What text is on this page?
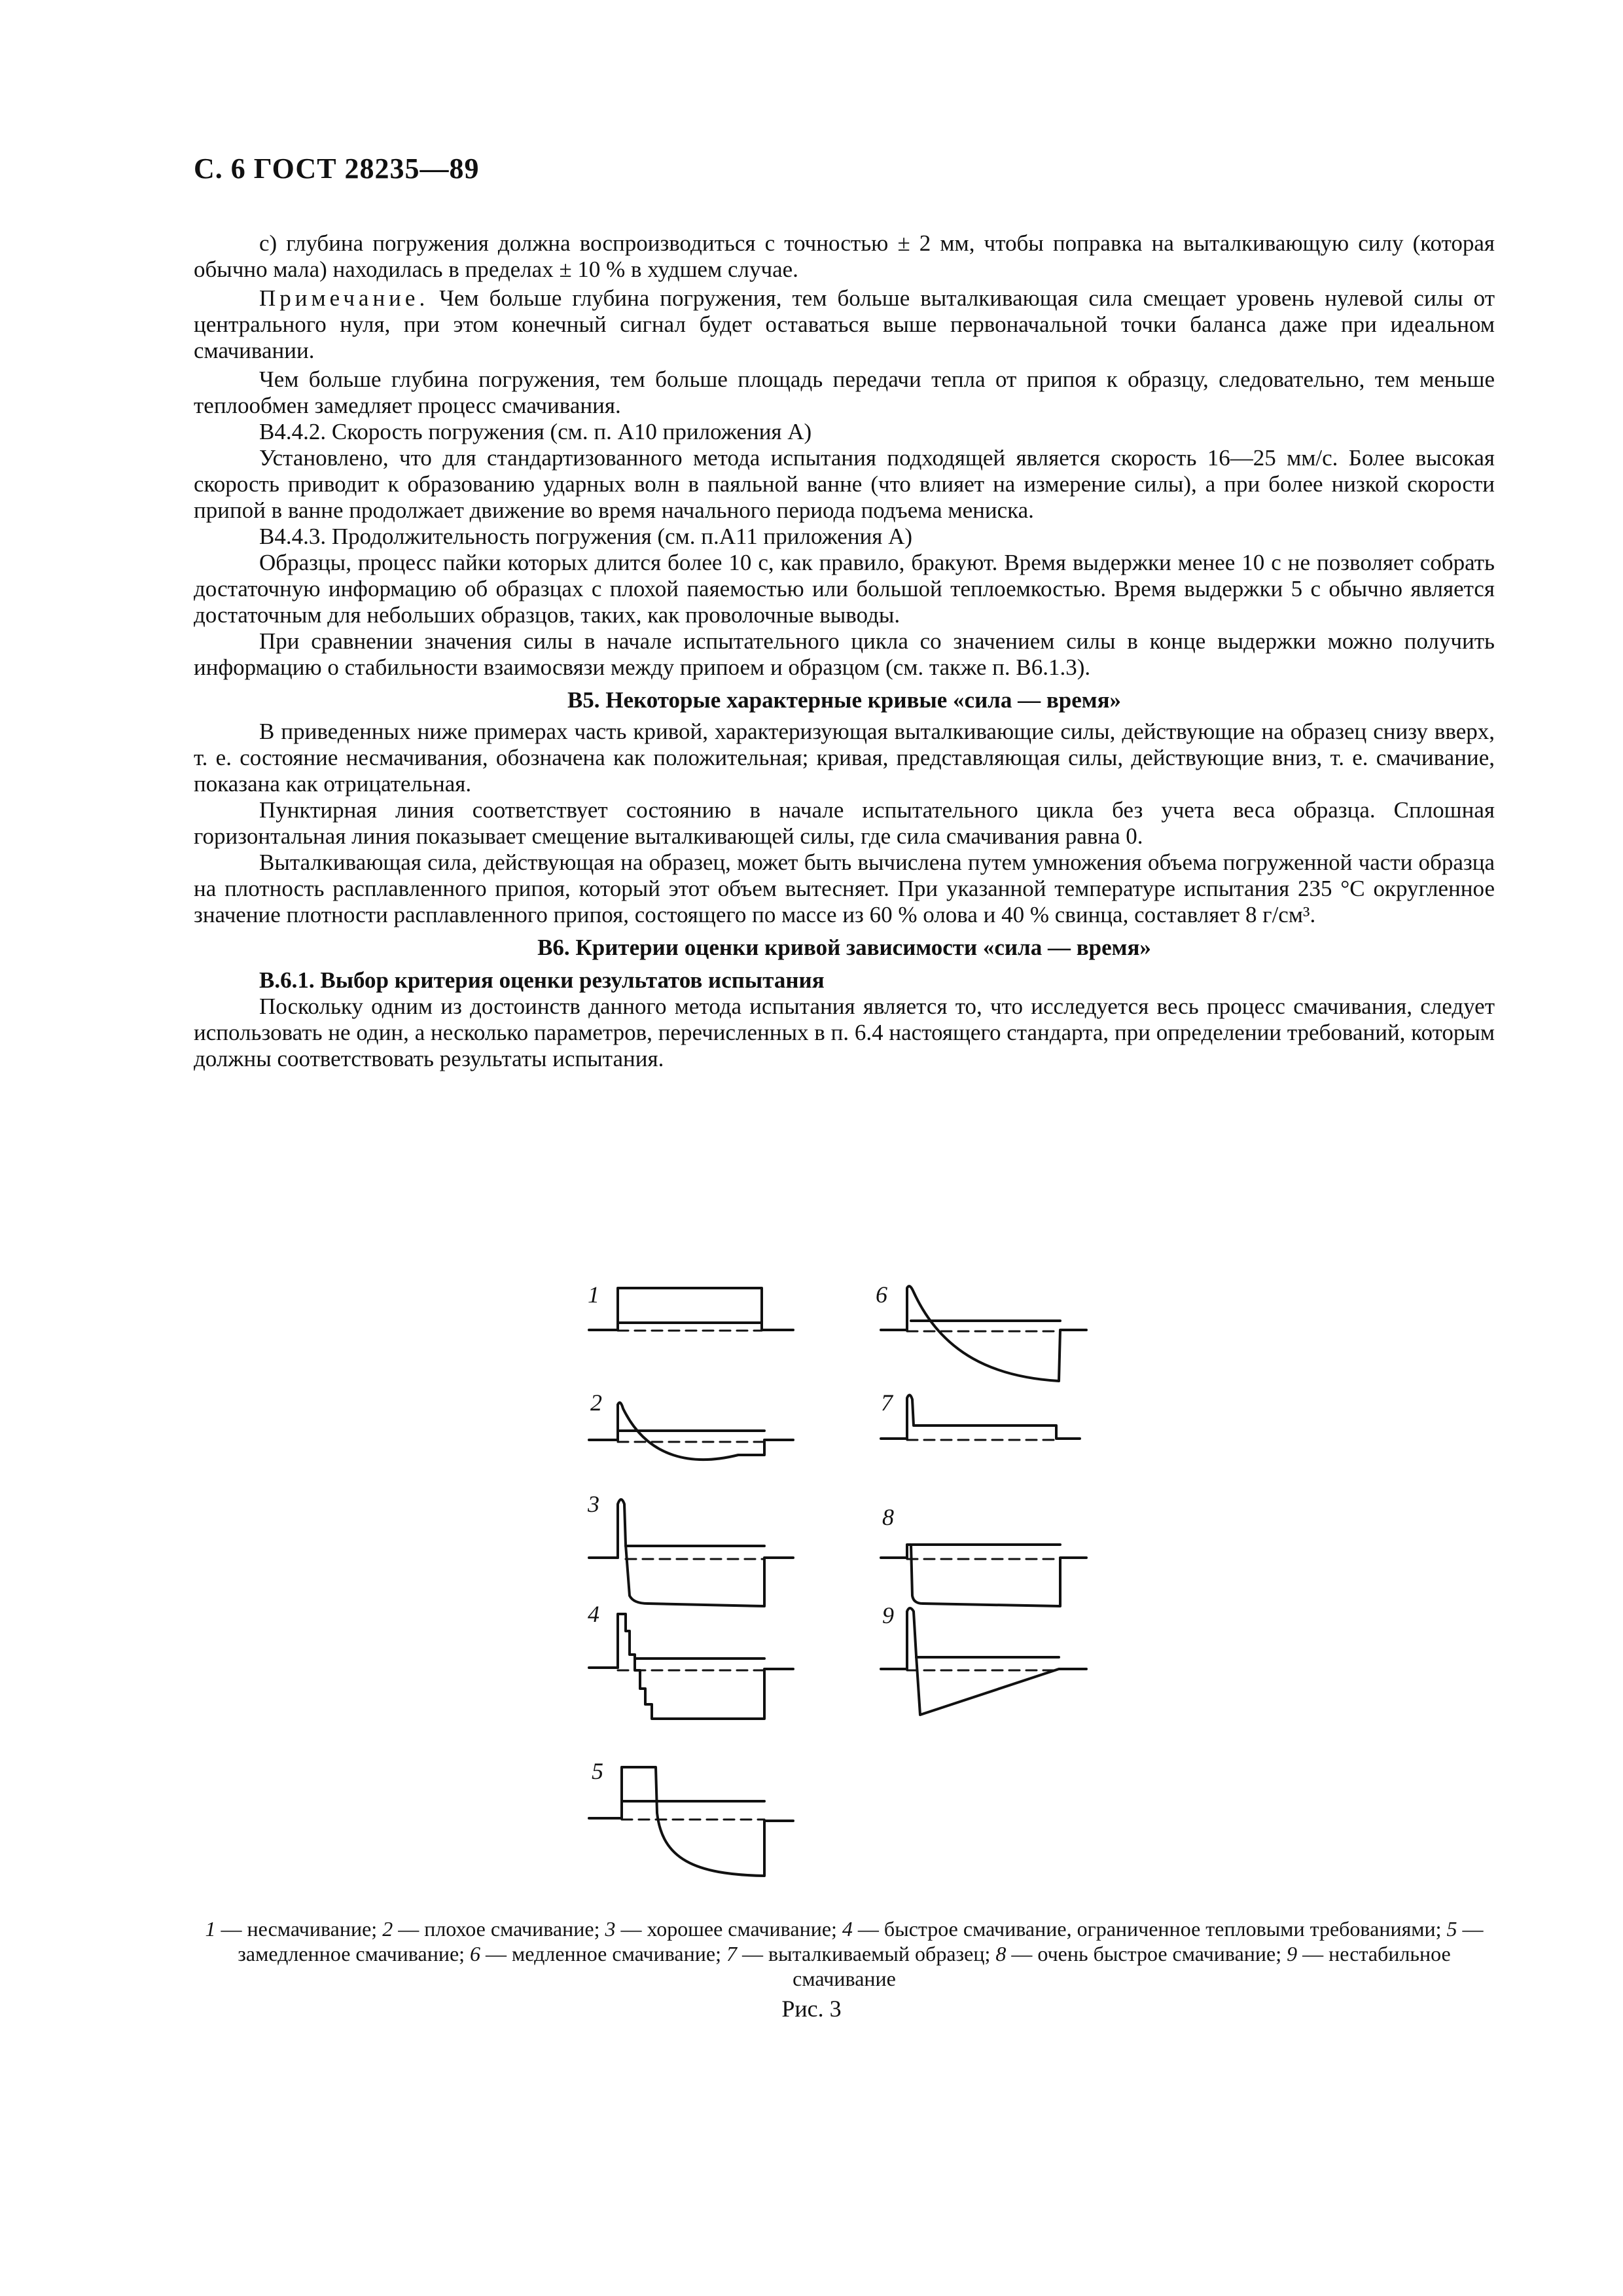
С. 6 ГОСТ 28235—89

с) глубина погружения должна воспроизводиться с точностью ± 2 мм, чтобы поправка на выталкивающую силу (которая обычно мала) находилась в пределах ± 10 % в худшем случае.

Примечание. Чем больше глубина погружения, тем больше выталкивающая сила смещает уровень нулевой силы от центрального нуля, при этом конечный сигнал будет оставаться выше первоначальной точки баланса даже при идеальном смачивании.

Чем больше глубина погружения, тем больше площадь передачи тепла от припоя к образцу, следовательно, тем меньше теплообмен замедляет процесс смачивания.

В4.4.2. Скорость погружения (см. п. А10 приложения А)

Установлено, что для стандартизованного метода испытания подходящей является скорость 16—25 мм/с. Более высокая скорость приводит к образованию ударных волн в паяльной ванне (что влияет на измерение силы), а при более низкой скорости припой в ванне продолжает движение во время начального периода подъема мениска.

В4.4.3. Продолжительность погружения (см. п.А11 приложения А)

Образцы, процесс пайки которых длится более 10 с, как правило, бракуют. Время выдержки менее 10 с не позволяет собрать достаточную информацию об образцах с плохой паяемостью или большой теплоемкостью. Время выдержки 5 с обычно является достаточным для небольших образцов, таких, как проволочные выводы.

При сравнении значения силы в начале испытательного цикла со значением силы в конце выдержки можно получить информацию о стабильности взаимосвязи между припоем и образцом (см. также п. В6.1.3).

В5. Некоторые характерные кривые «сила — время»

В приведенных ниже примерах часть кривой, характеризующая выталкивающие силы, действующие на образец снизу вверх, т. е. состояние несмачивания, обозначена как положительная; кривая, представляющая силы, действующие вниз, т. е. смачивание, показана как отрицательная.

Пунктирная линия соответствует состоянию в начале испытательного цикла без учета веса образца. Сплошная горизонтальная линия показывает смещение выталкивающей силы, где сила смачивания равна 0.

Выталкивающая сила, действующая на образец, может быть вычислена путем умножения объема погруженной части образца на плотность расплавленного припоя, который этот объем вытесняет. При указанной температуре испытания 235 °С округленное значение плотности расплавленного припоя, состоящего по массе из 60 % олова и 40 % свинца, составляет 8 г/см³.

В6. Критерии оценки кривой зависимости «сила — время»
В.6.1. Выбор критерия оценки результатов испытания

Поскольку одним из достоинств данного метода испытания является то, что исследуется весь процесс смачивания, следует использовать не один, а несколько параметров, перечисленных в п. 6.4 настоящего стандарта, при определении требований, которым должны соответствовать результаты испытания.

1
2
3
4
5
6
7
8
9
1 — несмачивание; 2 — плохое смачивание; 3 — хорошее смачивание; 4 — быстрое смачивание, ограниченное тепловыми требованиями; 5 — замедленное смачивание; 6 — медленное смачивание; 7 — выталкиваемый образец; 8 — очень быстрое смачивание; 9 — нестабильное смачивание
Рис. 3
